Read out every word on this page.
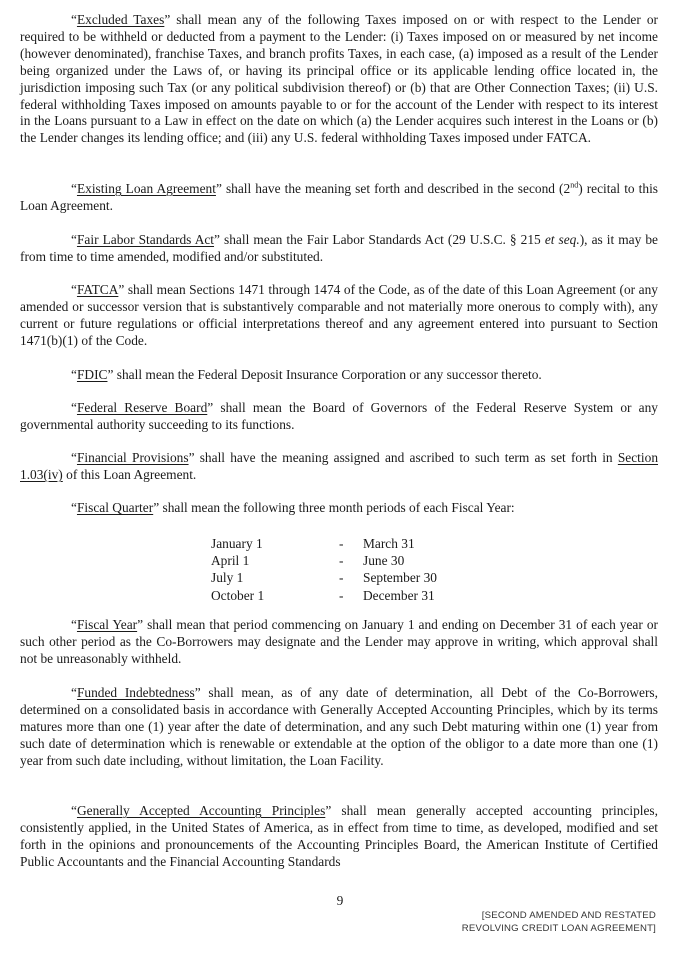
“Excluded Taxes” shall mean any of the following Taxes imposed on or with respect to the Lender or required to be withheld or deducted from a payment to the Lender: (i) Taxes imposed on or measured by net income (however denominated), franchise Taxes, and branch profits Taxes, in each case, (a) imposed as a result of the Lender being organized under the Laws of, or having its principal office or its applicable lending office located in, the jurisdiction imposing such Tax (or any political subdivision thereof) or (b) that are Other Connection Taxes; (ii) U.S. federal withholding Taxes imposed on amounts payable to or for the account of the Lender with respect to its interest in the Loans pursuant to a Law in effect on the date on which (a) the Lender acquires such interest in the Loans or (b) the Lender changes its lending office; and (iii) any U.S. federal withholding Taxes imposed under FATCA.

“Existing Loan Agreement” shall have the meaning set forth and described in the second (2nd) recital to this Loan Agreement.

“Fair Labor Standards Act” shall mean the Fair Labor Standards Act (29 U.S.C. § 215 et seq.), as it may be from time to time amended, modified and/or substituted.

“FATCA” shall mean Sections 1471 through 1474 of the Code, as of the date of this Loan Agreement (or any amended or successor version that is substantively comparable and not materially more onerous to comply with), any current or future regulations or official interpretations thereof and any agreement entered into pursuant to Section 1471(b)(1) of the Code.

“FDIC” shall mean the Federal Deposit Insurance Corporation or any successor thereto.

“Federal Reserve Board” shall mean the Board of Governors of the Federal Reserve System or any governmental authority succeeding to its functions.

“Financial Provisions” shall have the meaning assigned and ascribed to such term as set forth in Section 1.03(iv) of this Loan Agreement.

“Fiscal Quarter” shall mean the following three month periods of each Fiscal Year:

January 1	-	March 31
April 1	-	June 30
July 1	-	September 30
October 1	-	December 31

“Fiscal Year” shall mean that period commencing on January 1 and ending on December 31 of each year or such other period as the Co-Borrowers may designate and the Lender may approve in writing, which approval shall not be unreasonably withheld.

“Funded Indebtedness” shall mean, as of any date of determination, all Debt of the Co-Borrowers, determined on a consolidated basis in accordance with Generally Accepted Accounting Principles, which by its terms matures more than one (1) year after the date of determination, and any such Debt maturing within one (1) year from such date of determination which is renewable or extendable at the option of the obligor to a date more than one (1) year from such date including, without limitation, the Loan Facility.

“Generally Accepted Accounting Principles” shall mean generally accepted accounting principles, consistently applied, in the United States of America, as in effect from time to time, as developed, modified and set forth in the opinions and pronouncements of the Accounting Principles Board, the American Institute of Certified Public Accountants and the Financial Accounting Standards

9
[SECOND AMENDED AND RESTATED
REVOLVING CREDIT LOAN AGREEMENT]
